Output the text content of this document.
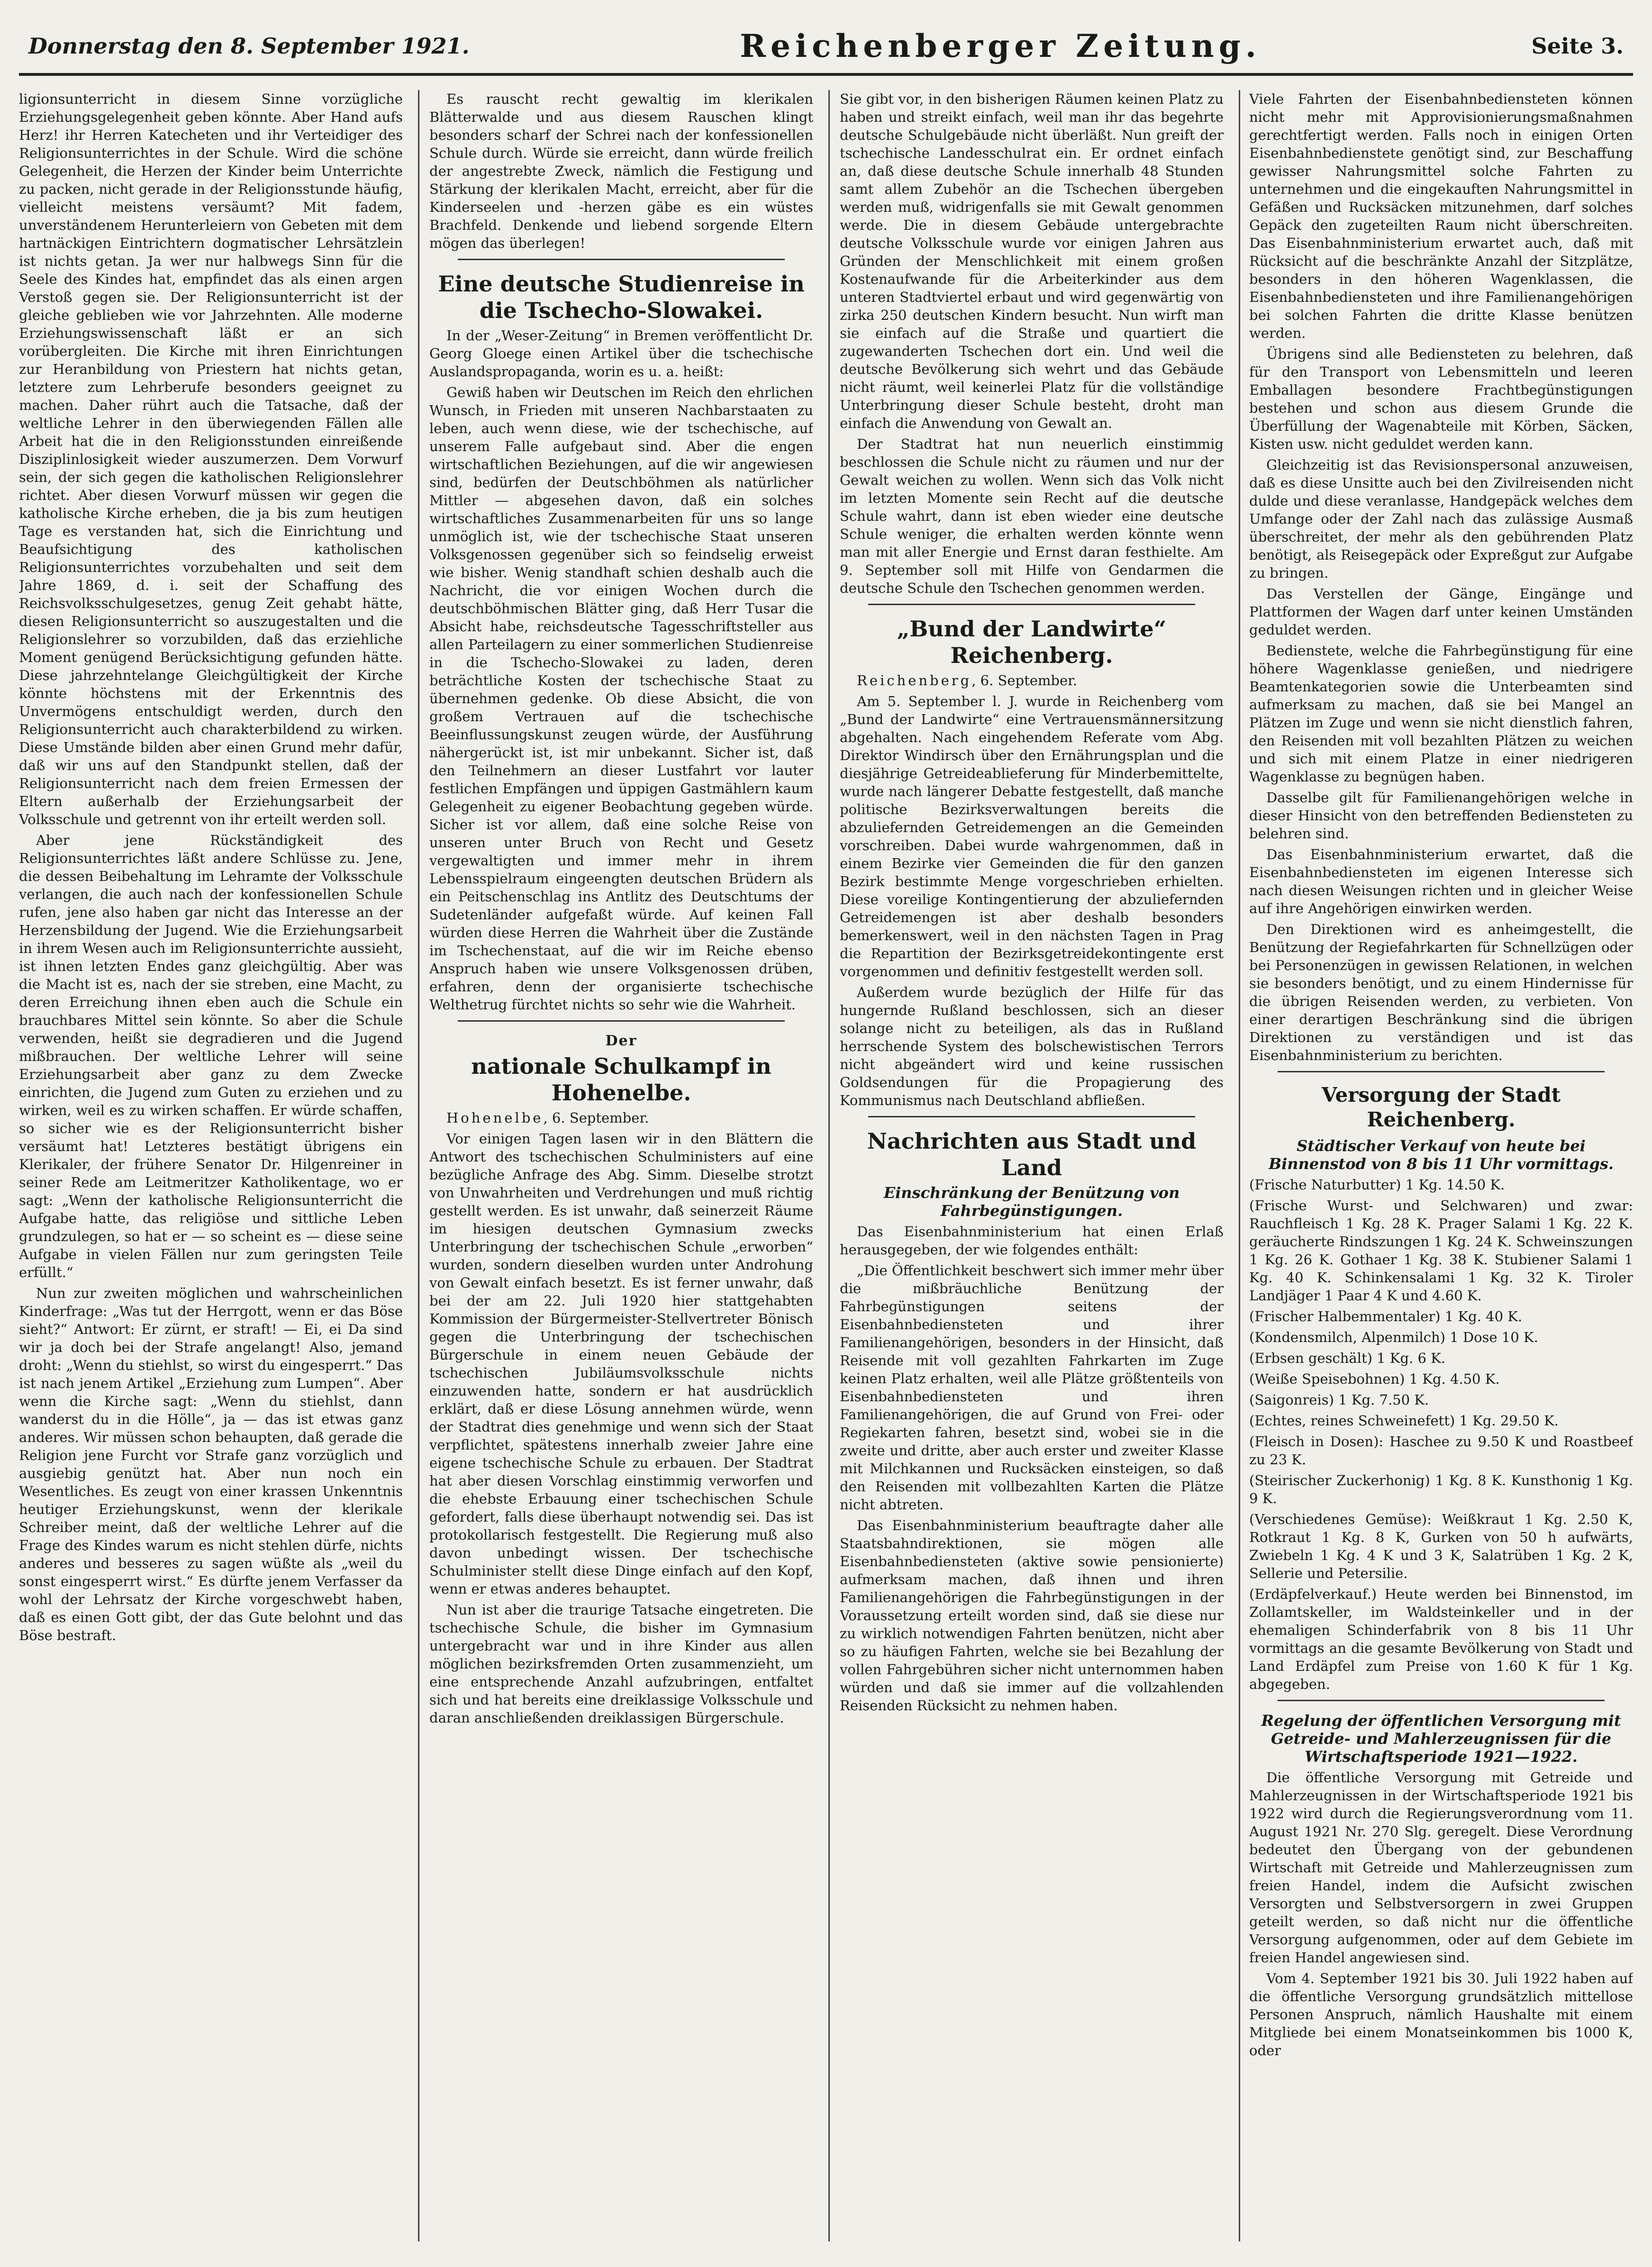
Donnerstag den 8. September 1921.	Reichenberger Zeitung.	Seite 3.

ligionsunterricht in diesem Sinne vorzügliche Erziehungsgelegenheit geben könnte. Aber Hand aufs Herz! ihr Herren Katecheten und ihr Verteidiger des Religionsunterrichtes in der Schule. Wird die schöne Gelegenheit, die Herzen der Kinder beim Unterrichte zu packen, nicht gerade in der Religionsstunde häufig, vielleicht meistens versäumt? Mit fadem, unverständenem Herunterleiern von Gebeten mit dem hartnäckigen Eintrichtern dogmatischer Lehrsätzlein ist nichts getan. Ja wer nur halbwegs Sinn für die Seele des Kindes hat, empfindet das als einen argen Verstoß gegen sie. Der Religionsunterricht ist der gleiche geblieben wie vor Jahrzehnten. Alle moderne Erziehungswissenschaft läßt er an sich vorübergleiten. Die Kirche mit ihren Einrichtungen zur Heranbildung von Priestern hat nichts getan, letztere zum Lehrberufe besonders geeignet zu machen. Daher rührt auch die Tatsache, daß der weltliche Lehrer in den überwiegenden Fällen alle Arbeit hat die in den Religionsstunden einreißende Disziplinlosigkeit wieder auszumerzen. Dem Vorwurf sein, der sich gegen die katholischen Religionslehrer richtet. Aber diesen Vorwurf müssen wir gegen die katholische Kirche erheben, die ja bis zum heutigen Tage es verstanden hat, sich die Einrichtung und Beaufsichtigung des katholischen Religionsunterrichtes vorzubehalten und seit dem Jahre 1869, d. i. seit der Schaffung des Reichsvolksschulgesetzes, genug Zeit gehabt hätte, diesen Religionsunterricht so auszugestalten und die Religionslehrer so vorzubilden, daß das erziehliche Moment genügend Berücksichtigung gefunden hätte. Diese jahrzehntelange Gleichgültigkeit der Kirche könnte höchstens mit der Erkenntnis des Unvermögens entschuldigt werden, durch den Religionsunterricht auch charakterbildend zu wirken. Diese Umstände bilden aber einen Grund mehr dafür, daß wir uns auf den Standpunkt stellen, daß der Religionsunterricht nach dem freien Ermessen der Eltern außerhalb der Erziehungsarbeit der Volksschule und getrennt von ihr erteilt werden soll.

Aber jene Rückständigkeit des Religionsunterrichtes läßt andere Schlüsse zu. Jene, die dessen Beibehaltung im Lehramte der Volksschule verlangen, die auch nach der konfessionellen Schule rufen, jene also haben gar nicht das Interesse an der Herzensbildung der Jugend. Wie die Erziehungsarbeit in ihrem Wesen auch im Religionsunterrichte aussieht, ist ihnen letzten Endes ganz gleichgültig. Aber was die Macht ist es, nach der sie streben, eine Macht, zu deren Erreichung ihnen eben auch die Schule ein brauchbares Mittel sein könnte. So aber die Schule verwenden, heißt sie degradieren und die Jugend mißbrauchen. Der weltliche Lehrer will seine Erziehungsarbeit aber ganz zu dem Zwecke einrichten, die Jugend zum Guten zu erziehen und zu wirken, weil es zu wirken schaffen. Er würde schaffen, so sicher wie es der Religionsunterricht bisher versäumt hat! Letzteres bestätigt übrigens ein Klerikaler, der frühere Senator Dr. Hilgenreiner in seiner Rede am Leitmeritzer Katholikentage, wo er sagt: „Wenn der katholische Religionsunterricht die Aufgabe hatte, das religiöse und sittliche Leben grundzulegen, so hat er — so scheint es — diese seine Aufgabe in vielen Fällen nur zum geringsten Teile erfüllt.“

Nun zur zweiten möglichen und wahrscheinlichen Kinderfrage: „Was tut der Herrgott, wenn er das Böse sieht?“ Antwort: Er zürnt, er straft! — Ei, ei Da sind wir ja doch bei der Strafe angelangt! Also, jemand droht: „Wenn du stiehlst, so wirst du eingesperrt.“ Das ist nach jenem Artikel „Erziehung zum Lumpen“. Aber wenn die Kirche sagt: „Wenn du stiehlst, dann wanderst du in die Hölle“, ja — das ist etwas ganz anderes. Wir müssen schon behaupten, daß gerade die Religion jene Furcht vor Strafe ganz vorzüglich und ausgiebig genützt hat. Aber nun noch ein Wesentliches. Es zeugt von einer krassen Unkenntnis heutiger Erziehungskunst, wenn der klerikale Schreiber meint, daß der weltliche Lehrer auf die Frage des Kindes warum es nicht stehlen dürfe, nichts anderes und besseres zu sagen wüßte als „weil du sonst eingesperrt wirst.“ Es dürfte jenem Verfasser da wohl der Lehrsatz der Kirche vorgeschwebt haben, daß es einen Gott gibt, der das Gute belohnt und das Böse bestraft.

Es rauscht recht gewaltig im klerikalen Blätterwalde und aus diesem Rauschen klingt besonders scharf der Schrei nach der konfessionellen Schule durch. Würde sie erreicht, dann würde freilich der angestrebte Zweck, nämlich die Festigung und Stärkung der klerikalen Macht, erreicht, aber für die Kinderseelen und -herzen gäbe es ein wüstes Brachfeld. Denkende und liebend sorgende Eltern mögen das überlegen!

Eine deutsche Studienreise in die Tschecho-Slowakei.

In der „Weser-Zeitung“ in Bremen veröffentlicht Dr. Georg Gloege einen Artikel über die tschechische Auslandspropaganda, worin es u. a. heißt:

Gewiß haben wir Deutschen im Reich den ehrlichen Wunsch, in Frieden mit unseren Nachbarstaaten zu leben, auch wenn diese, wie der tschechische, auf unserem Falle aufgebaut sind. Aber die engen wirtschaftlichen Beziehungen, auf die wir angewiesen sind, bedürfen der Deutschböhmen als natürlicher Mittler — abgesehen davon, daß ein solches wirtschaftliches Zusammenarbeiten für uns so lange unmöglich ist, wie der tschechische Staat unseren Volksgenossen gegenüber sich so feindselig erweist wie bisher. Wenig standhaft schien deshalb auch die Nachricht, die vor einigen Wochen durch die deutschböhmischen Blätter ging, daß Herr Tusar die Absicht habe, reichsdeutsche Tagesschriftsteller aus allen Parteilagern zu einer sommerlichen Studienreise in die Tschecho-Slowakei zu laden, deren beträchtliche Kosten der tschechische Staat zu übernehmen gedenke. Ob diese Absicht, die von großem Vertrauen auf die tschechische Beeinflussungskunst zeugen würde, der Ausführung nähergerückt ist, ist mir unbekannt. Sicher ist, daß den Teilnehmern an dieser Lustfahrt vor lauter festlichen Empfängen und üppigen Gastmählern kaum Gelegenheit zu eigener Beobachtung gegeben würde. Sicher ist vor allem, daß eine solche Reise von unseren unter Bruch von Recht und Gesetz vergewaltigten und immer mehr in ihrem Lebensspielraum eingeengten deutschen Brüdern als ein Peitschenschlag ins Antlitz des Deutschtums der Sudetenländer aufgefaßt würde. Auf keinen Fall würden diese Herren die Wahrheit über die Zustände im Tschechenstaat, auf die wir im Reiche ebenso Anspruch haben wie unsere Volksgenossen drüben, erfahren, denn der organisierte tschechische Welthetrug fürchtet nichts so sehr wie die Wahrheit.

Der
nationale Schulkampf in Hohenelbe.

Hohenelbe, 6. September.

Vor einigen Tagen lasen wir in den Blättern die Antwort des tschechischen Schulministers auf eine bezügliche Anfrage des Abg. Simm. Dieselbe strotzt von Unwahrheiten und Verdrehungen und muß richtig gestellt werden. Es ist unwahr, daß seinerzeit Räume im hiesigen deutschen Gymnasium zwecks Unterbringung der tschechischen Schule „erworben“ wurden, sondern dieselben wurden unter Androhung von Gewalt einfach besetzt. Es ist ferner unwahr, daß bei der am 22. Juli 1920 hier stattgehabten Kommission der Bürgermeister-Stellvertreter Bönisch gegen die Unterbringung der tschechischen Bürgerschule in einem neuen Gebäude der tschechischen Jubiläumsvolksschule nichts einzuwenden hatte, sondern er hat ausdrücklich erklärt, daß er diese Lösung annehmen würde, wenn der Stadtrat dies genehmige und wenn sich der Staat verpflichtet, spätestens innerhalb zweier Jahre eine eigene tschechische Schule zu erbauen. Der Stadtrat hat aber diesen Vorschlag einstimmig verworfen und die ehebste Erbauung einer tschechischen Schule gefordert, falls diese überhaupt notwendig sei. Das ist protokollarisch festgestellt. Die Regierung muß also davon unbedingt wissen. Der tschechische Schulminister stellt diese Dinge einfach auf den Kopf, wenn er etwas anderes behauptet.

Nun ist aber die traurige Tatsache eingetreten. Die tschechische Schule, die bisher im Gymnasium untergebracht war und in ihre Kinder aus allen möglichen bezirksfremden Orten zusammenzieht, um eine entsprechende Anzahl aufzubringen, entfaltet sich und hat bereits eine dreiklassige Volksschule und daran anschließenden dreiklassigen Bürgerschule.

Sie gibt vor, in den bisherigen Räumen keinen Platz zu haben und streikt einfach, weil man ihr das begehrte deutsche Schulgebäude nicht überläßt. Nun greift der tschechische Landesschulrat ein. Er ordnet einfach an, daß diese deutsche Schule innerhalb 48 Stunden samt allem Zubehör an die Tschechen übergeben werden muß, widrigenfalls sie mit Gewalt genommen werde. Die in diesem Gebäude untergebrachte deutsche Volksschule wurde vor einigen Jahren aus Gründen der Menschlichkeit mit einem großen Kostenaufwande für die Arbeiterkinder aus dem unteren Stadtviertel erbaut und wird gegenwärtig von zirka 250 deutschen Kindern besucht. Nun wirft man sie einfach auf die Straße und quartiert die zugewanderten Tschechen dort ein. Und weil die deutsche Bevölkerung sich wehrt und das Gebäude nicht räumt, weil keinerlei Platz für die vollständige Unterbringung dieser Schule besteht, droht man einfach die Anwendung von Gewalt an.

Der Stadtrat hat nun neuerlich einstimmig beschlossen die Schule nicht zu räumen und nur der Gewalt weichen zu wollen. Wenn sich das Volk nicht im letzten Momente sein Recht auf die deutsche Schule wahrt, dann ist eben wieder eine deutsche Schule weniger, die erhalten werden könnte wenn man mit aller Energie und Ernst daran festhielte. Am 9. September soll mit Hilfe von Gendarmen die deutsche Schule den Tschechen genommen werden.

„Bund der Landwirte“ Reichenberg.

Reichenberg, 6. September.

Am 5. September l. J. wurde in Reichenberg vom „Bund der Landwirte“ eine Vertrauensmännersitzung abgehalten. Nach eingehendem Referate vom Abg. Direktor Windirsch über den Ernährungsplan und die diesjährige Getreideablieferung für Minderbemittelte, wurde nach längerer Debatte festgestellt, daß manche politische Bezirksverwaltungen bereits die abzuliefernden Getreidemengen an die Gemeinden vorschreiben. Dabei wurde wahrgenommen, daß in einem Bezirke vier Gemeinden die für den ganzen Bezirk bestimmte Menge vorgeschrieben erhielten. Diese voreilige Kontingentierung der abzuliefernden Getreidemengen ist aber deshalb besonders bemerkenswert, weil in den nächsten Tagen in Prag die Repartition der Bezirksgetreidekontingente erst vorgenommen und definitiv festgestellt werden soll.

Außerdem wurde bezüglich der Hilfe für das hungernde Rußland beschlossen, sich an dieser solange nicht zu beteiligen, als das in Rußland herrschende System des bolschewistischen Terrors nicht abgeändert wird und keine russischen Goldsendungen für die Propagierung des Kommunismus nach Deutschland abfließen.

Nachrichten aus Stadt und Land
Einschränkung der Benützung von Fahrbegünstigungen.

Das Eisenbahnministerium hat einen Erlaß herausgegeben, der wie folgendes enthält:

„Die Öffentlichkeit beschwert sich immer mehr über die mißbräuchliche Benützung der Fahrbegünstigungen seitens der Eisenbahnbediensteten und ihrer Familienangehörigen, besonders in der Hinsicht, daß Reisende mit voll gezahlten Fahrkarten im Zuge keinen Platz erhalten, weil alle Plätze größtenteils von Eisenbahnbediensteten und ihren Familienangehörigen, die auf Grund von Frei- oder Regiekarten fahren, besetzt sind, wobei sie in die zweite und dritte, aber auch erster und zweiter Klasse mit Milchkannen und Rucksäcken einsteigen, so daß den Reisenden mit vollbezahlten Karten die Plätze nicht abtreten.

Das Eisenbahnministerium beauftragte daher alle Staatsbahndirektionen, sie mögen alle Eisenbahnbediensteten (aktive sowie pensionierte) aufmerksam machen, daß ihnen und ihren Familienangehörigen die Fahrbegünstigungen in der Voraussetzung erteilt worden sind, daß sie diese nur zu wirklich notwendigen Fahrten benützen, nicht aber so zu häufigen Fahrten, welche sie bei Bezahlung der vollen Fahrgebühren sicher nicht unternommen haben würden und daß sie immer auf die vollzahlenden Reisenden Rücksicht zu nehmen haben.

Viele Fahrten der Eisenbahnbediensteten können nicht mehr mit Approvisionierungsmaßnahmen gerechtfertigt werden. Falls noch in einigen Orten Eisenbahnbedienstete genötigt sind, zur Beschaffung gewisser Nahrungsmittel solche Fahrten zu unternehmen und die eingekauften Nahrungsmittel in Gefäßen und Rucksäcken mitzunehmen, darf solches Gepäck den zugeteilten Raum nicht überschreiten. Das Eisenbahnministerium erwartet auch, daß mit Rücksicht auf die beschränkte Anzahl der Sitzplätze, besonders in den höheren Wagenklassen, die Eisenbahnbediensteten und ihre Familienangehörigen bei solchen Fahrten die dritte Klasse benützen werden.

Übrigens sind alle Bediensteten zu belehren, daß für den Transport von Lebensmitteln und leeren Emballagen besondere Frachtbegünstigungen bestehen und schon aus diesem Grunde die Überfüllung der Wagenabteile mit Körben, Säcken, Kisten usw. nicht geduldet werden kann.

Gleichzeitig ist das Revisionspersonal anzuweisen, daß es diese Unsitte auch bei den Zivilreisenden nicht dulde und diese veranlasse, Handgepäck welches dem Umfange oder der Zahl nach das zulässige Ausmaß überschreitet, der mehr als den gebührenden Platz benötigt, als Reisegepäck oder Expreßgut zur Aufgabe zu bringen.

Das Verstellen der Gänge, Eingänge und Plattformen der Wagen darf unter keinen Umständen geduldet werden.

Bedienstete, welche die Fahrbegünstigung für eine höhere Wagenklasse genießen, und niedrigere Beamtenkategorien sowie die Unterbeamten sind aufmerksam zu machen, daß sie bei Mangel an Plätzen im Zuge und wenn sie nicht dienstlich fahren, den Reisenden mit voll bezahlten Plätzen zu weichen und sich mit einem Platze in einer niedrigeren Wagenklasse zu begnügen haben.

Dasselbe gilt für Familienangehörigen welche in dieser Hinsicht von den betreffenden Bediensteten zu belehren sind.

Das Eisenbahnministerium erwartet, daß die Eisenbahnbediensteten im eigenen Interesse sich nach diesen Weisungen richten und in gleicher Weise auf ihre Angehörigen einwirken werden.

Den Direktionen wird es anheimgestellt, die Benützung der Regiefahrkarten für Schnellzügen oder bei Personenzügen in gewissen Relationen, in welchen sie besonders benötigt, und zu einem Hindernisse für die übrigen Reisenden werden, zu verbieten. Von einer derartigen Beschränkung sind die übrigen Direktionen zu verständigen und ist das Eisenbahnministerium zu berichten.

Versorgung der Stadt Reichenberg.
Städtischer Verkauf von heute bei Binnenstod von 8 bis 11 Uhr vormittags.

(Frische Naturbutter) 1 Kg. 14.50 K.

(Frische Wurst- und Selchwaren) und zwar: Rauchfleisch 1 Kg. 28 K. Prager Salami 1 Kg. 22 K. geräucherte Rindszungen 1 Kg. 24 K. Schweinszungen 1 Kg. 26 K. Gothaer 1 Kg. 38 K. Stubiener Salami 1 Kg. 40 K. Schinkensalami 1 Kg. 32 K. Tiroler Landjäger 1 Paar 4 K und 4.60 K.

(Frischer Halbemmentaler) 1 Kg. 40 K.

(Kondensmilch, Alpenmilch) 1 Dose 10 K.

(Erbsen geschält) 1 Kg. 6 K.

(Weiße Speisebohnen) 1 Kg. 4.50 K.

(Saigonreis) 1 Kg. 7.50 K.

(Echtes, reines Schweinefett) 1 Kg. 29.50 K.

(Fleisch in Dosen): Haschee zu 9.50 K und Roastbeef zu 23 K.

(Steirischer Zuckerhonig) 1 Kg. 8 K. Kunsthonig 1 Kg. 9 K.

(Verschiedenes Gemüse): Weißkraut 1 Kg. 2.50 K, Rotkraut 1 Kg. 8 K, Gurken von 50 h aufwärts, Zwiebeln 1 Kg. 4 K und 3 K, Salatrüben 1 Kg. 2 K, Sellerie und Petersilie.

(Erdäpfelverkauf.) Heute werden bei Binnenstod, im Zollamtskeller, im Waldsteinkeller und in der ehemaligen Schinderfabrik von 8 bis 11 Uhr vormittags an die gesamte Bevölkerung von Stadt und Land Erdäpfel zum Preise von 1.60 K für 1 Kg. abgegeben.

Regelung der öffentlichen Versorgung mit Getreide- und Mahlerzeugnissen für die Wirtschaftsperiode 1921—1922.

Die öffentliche Versorgung mit Getreide und Mahlerzeugnissen in der Wirtschaftsperiode 1921 bis 1922 wird durch die Regierungsverordnung vom 11. August 1921 Nr. 270 Slg. geregelt. Diese Verordnung bedeutet den Übergang von der gebundenen Wirtschaft mit Getreide und Mahlerzeugnissen zum freien Handel, indem die Aufsicht zwischen Versorgten und Selbstversorgern in zwei Gruppen geteilt werden, so daß nicht nur die öffentliche Versorgung aufgenommen, oder auf dem Gebiete im freien Handel angewiesen sind.

Vom 4. September 1921 bis 30. Juli 1922 haben auf die öffentliche Versorgung grundsätzlich mittellose Personen Anspruch, nämlich Haushalte mit einem Mitgliede bei einem Monatseinkommen bis 1000 K, oder
